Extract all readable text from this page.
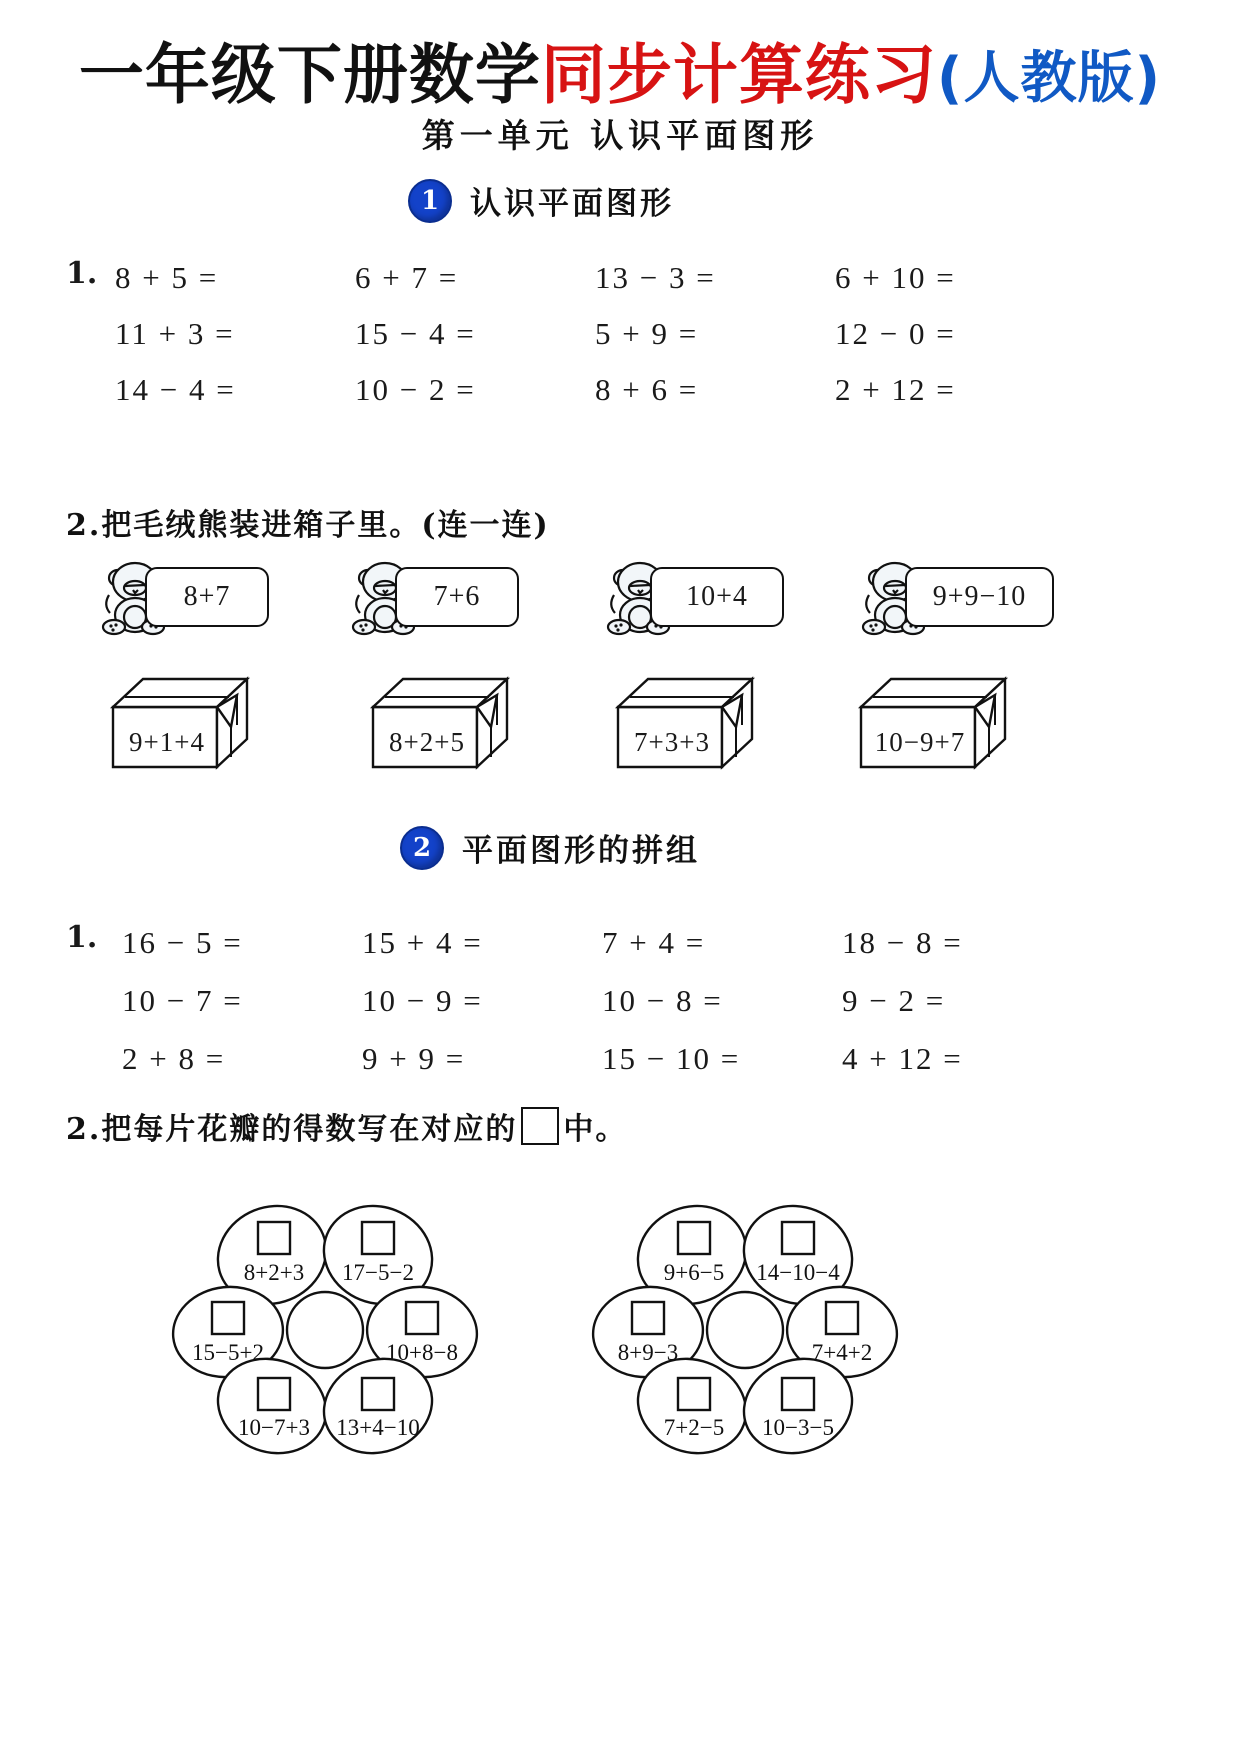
一年级下册数学同步计算练习(人教版)
第一单元 认识平面图形
1 认识平面图形
1. 8 + 5 =	6 + 7 =	13 − 3 =	6 + 10 =
11 + 3 =	15 − 4 =	5 + 9 =	12 − 0 =
14 − 4 =	10 − 2 =	8 + 6 =	2 + 12 =
2.把毛绒熊装进箱子里。(连一连)
8+7	7+6	10+4	9+9−10
9+1+4	8+2+5	7+3+3	10−9+7
2 平面图形的拼组
1. 16 − 5 =	15 + 4 =	7 + 4 =	18 − 8 =
10 − 7 =	10 − 9 =	10 − 8 =	9 − 2 =
2 + 8 =	9 + 9 =	15 − 10 =	4 + 12 =
2.把每片花瓣的得数写在对应的 中。
8+2+3 17−5−2
15−5+2	10+8−8
10−7+3 13+4−10
9+6−5 14−10−4
8+9−3	7+4+2
7+2−5 10−3−5
